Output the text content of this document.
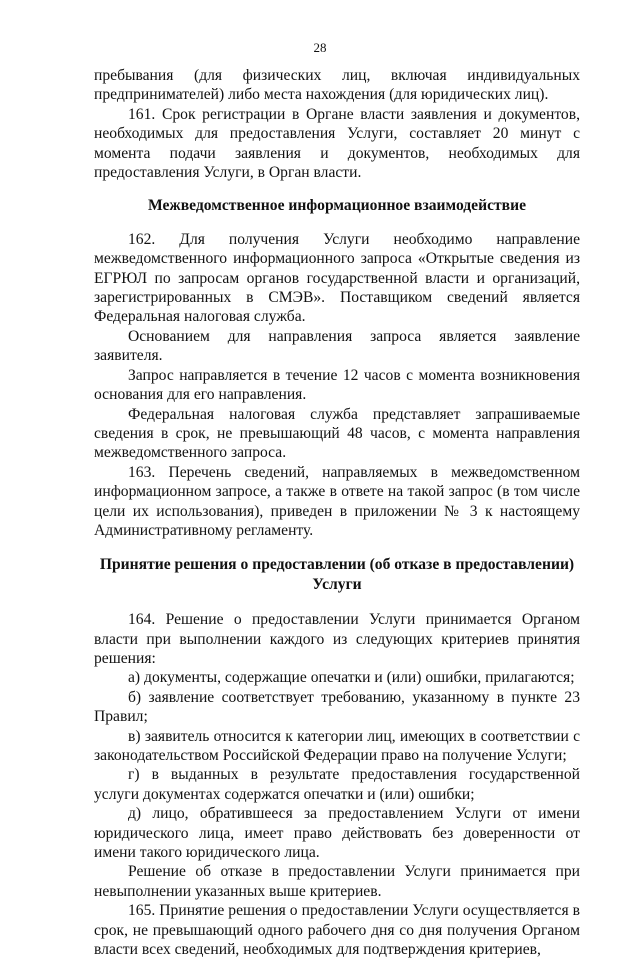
28

пребывания (для физических лиц, включая индивидуальных предпринимателей) либо места нахождения (для юридических лиц).

161. Срок регистрации в Органе власти заявления и документов, необходимых для предоставления Услуги, составляет 20 минут с момента подачи заявления и документов, необходимых для предоставления Услуги, в Орган власти.

Межведомственное информационное взаимодействие

162. Для получения Услуги необходимо направление межведомственного информационного запроса «Открытые сведения из ЕГРЮЛ по запросам органов государственной власти и организаций, зарегистрированных в СМЭВ». Поставщиком сведений является Федеральная налоговая служба.

Основанием для направления запроса является заявление заявителя.

Запрос направляется в течение 12 часов с момента возникновения основания для его направления.

Федеральная налоговая служба представляет запрашиваемые сведения в срок, не превышающий 48 часов, с момента направления межведомственного запроса.

163. Перечень сведений, направляемых в межведомственном информационном запросе, а также в ответе на такой запрос (в том числе цели их использования), приведен в приложении № 3 к настоящему Административному регламенту.

Принятие решения о предоставлении (об отказе в предоставлении) Услуги

164. Решение о предоставлении Услуги принимается Органом власти при выполнении каждого из следующих критериев принятия решения:

а) документы, содержащие опечатки и (или) ошибки, прилагаются;

б) заявление соответствует требованию, указанному в пункте 23 Правил;

в) заявитель относится к категории лиц, имеющих в соответствии с законодательством Российской Федерации право на получение Услуги;

г) в выданных в результате предоставления государственной услуги документах содержатся опечатки и (или) ошибки;

д) лицо, обратившееся за предоставлением Услуги от имени юридического лица, имеет право действовать без доверенности от имени такого юридического лица.

Решение об отказе в предоставлении Услуги принимается при невыполнении указанных выше критериев.

165. Принятие решения о предоставлении Услуги осуществляется в срок, не превышающий одного рабочего дня со дня получения Органом власти всех сведений, необходимых для подтверждения критериев,
